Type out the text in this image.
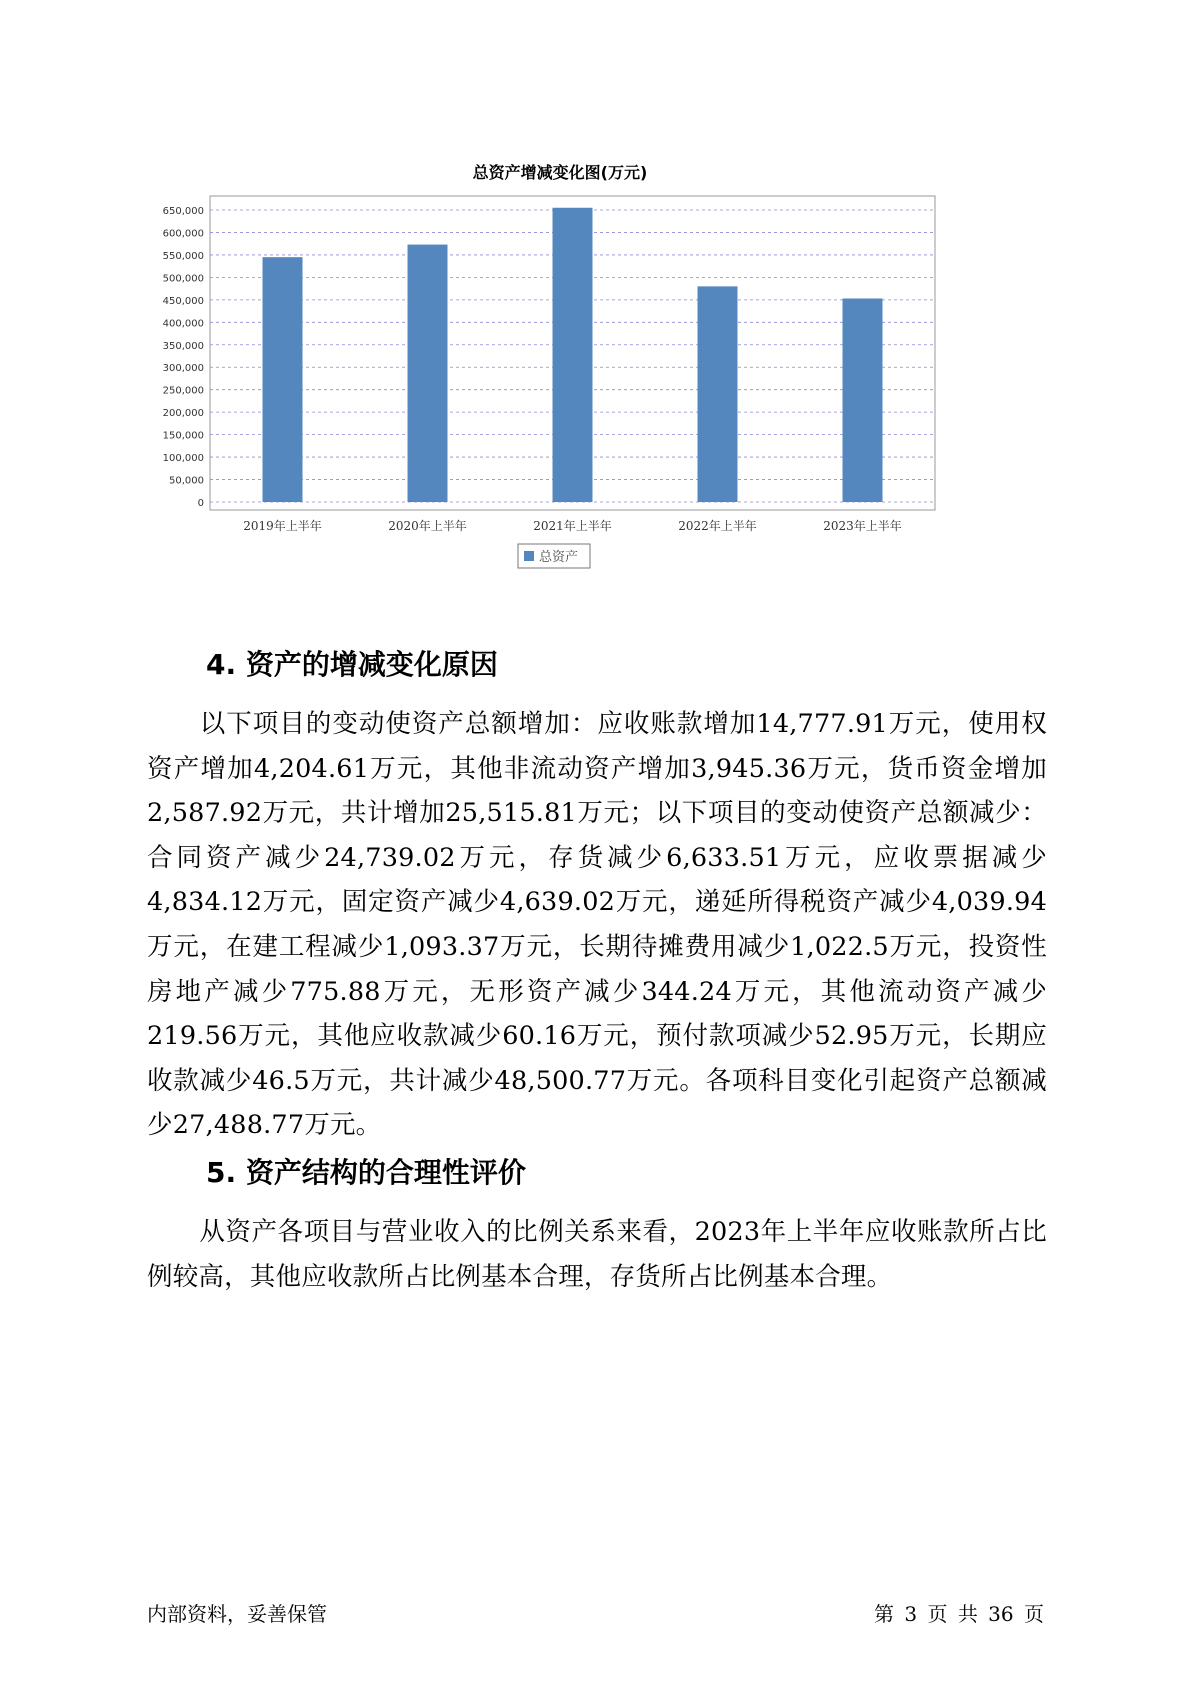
总资产增减变化图(万元)
0
50,000
100,000
150,000
200,000
250,000
300,000
350,000
400,000
450,000
500,000
550,000
600,000
650,000
2019年上半年	2020年上半年	2021年上半年	2022年上半年	2023年上半年
总资产
4. 资产的增减变化原因

以下项目的变动使资产总额增加：应收账款增加14,777.91万元，使用权资产增加4,204.61万元，其他非流动资产增加3,945.36万元，货币资金增加2,587.92万元，共计增加25,515.81万元；以下项目的变动使资产总额减少：合同资产减少24,739.02万元，存货减少6,633.51万元，应收票据减少4,834.12万元，固定资产减少4,639.02万元，递延所得税资产减少4,039.94万元，在建工程减少1,093.37万元，长期待摊费用减少1,022.5万元，投资性房地产减少775.88万元，无形资产减少344.24万元，其他流动资产减少219.56万元，其他应收款减少60.16万元，预付款项减少52.95万元，长期应收款减少46.5万元，共计减少48,500.77万元。各项科目变化引起资产总额减少27,488.77万元。

5. 资产结构的合理性评价

从资产各项目与营业收入的比例关系来看，2023年上半年应收账款所占比例较高，其他应收款所占比例基本合理，存货所占比例基本合理。

内部资料，妥善保管	第 3 页 共 36 页
